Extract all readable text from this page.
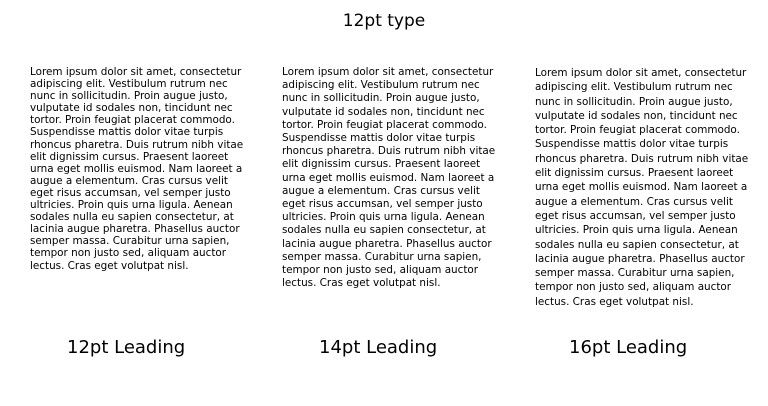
12pt type
Lorem ipsum dolor sit amet, consectetur
adipiscing elit. Vestibulum rutrum nec
nunc in sollicitudin. Proin augue justo,
vulputate id sodales non, tincidunt nec
tortor. Proin feugiat placerat commodo.
Suspendisse mattis dolor vitae turpis
rhoncus pharetra. Duis rutrum nibh vitae
elit dignissim cursus. Praesent laoreet
urna eget mollis euismod. Nam laoreet a
augue a elementum. Cras cursus velit
eget risus accumsan, vel semper justo
ultricies. Proin quis urna ligula. Aenean
sodales nulla eu sapien consectetur, at
lacinia augue pharetra. Phasellus auctor
semper massa. Curabitur urna sapien,
tempor non justo sed, aliquam auctor
lectus. Cras eget volutpat nisl.
Lorem ipsum dolor sit amet, consectetur
adipiscing elit. Vestibulum rutrum nec
nunc in sollicitudin. Proin augue justo,
vulputate id sodales non, tincidunt nec
tortor. Proin feugiat placerat commodo.
Suspendisse mattis dolor vitae turpis
rhoncus pharetra. Duis rutrum nibh vitae
elit dignissim cursus. Praesent laoreet
urna eget mollis euismod. Nam laoreet a
augue a elementum. Cras cursus velit
eget risus accumsan, vel semper justo
ultricies. Proin quis urna ligula. Aenean
sodales nulla eu sapien consectetur, at
lacinia augue pharetra. Phasellus auctor
semper massa. Curabitur urna sapien,
tempor non justo sed, aliquam auctor
lectus. Cras eget volutpat nisl.
Lorem ipsum dolor sit amet, consectetur
adipiscing elit. Vestibulum rutrum nec
nunc in sollicitudin. Proin augue justo,
vulputate id sodales non, tincidunt nec
tortor. Proin feugiat placerat commodo.
Suspendisse mattis dolor vitae turpis
rhoncus pharetra. Duis rutrum nibh vitae
elit dignissim cursus. Praesent laoreet
urna eget mollis euismod. Nam laoreet a
augue a elementum. Cras cursus velit
eget risus accumsan, vel semper justo
ultricies. Proin quis urna ligula. Aenean
sodales nulla eu sapien consectetur, at
lacinia augue pharetra. Phasellus auctor
semper massa. Curabitur urna sapien,
tempor non justo sed, aliquam auctor
lectus. Cras eget volutpat nisl.
12pt Leading	14pt Leading	16pt Leading
